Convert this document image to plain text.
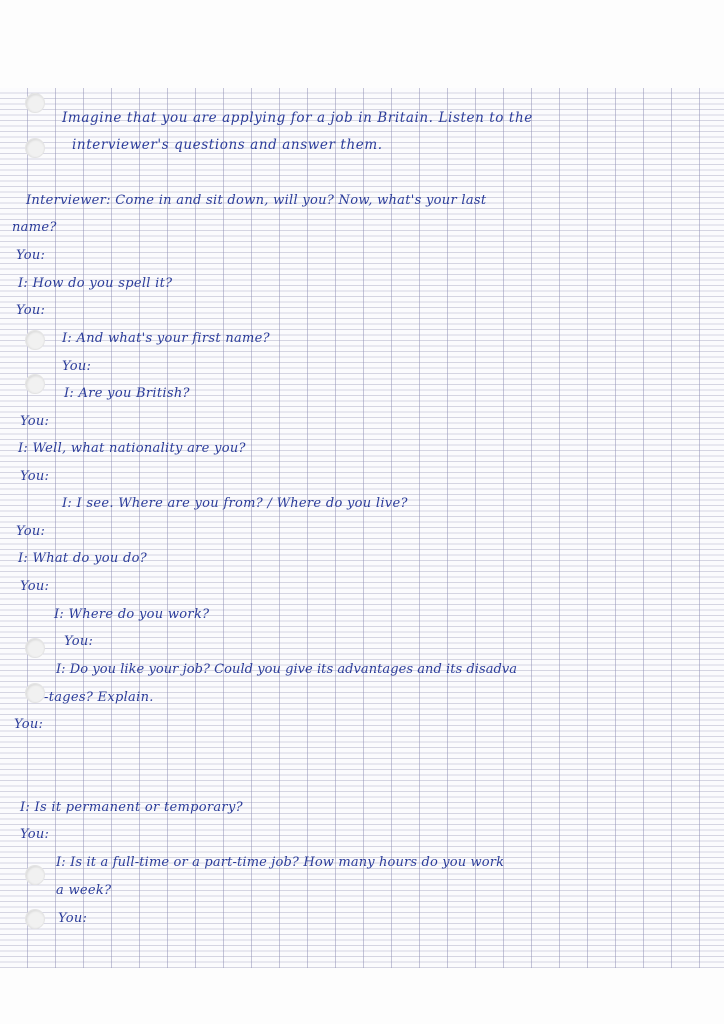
Imagine that you are applying for a job in Britain. Listen to the

interviewer's questions and answer them.

Interviewer: Come in and sit down, will you? Now, what's your last

name?

You:

I: How do you spell it?

You:

I: And what's your first name?

You:

I: Are you British?

You:

I: Well, what nationality are you?

You:

I: I see. Where are you from? / Where do you live?

You:

I: What do you do?

You:

I: Where do you work?

You:

I: Do you like your job? Could you give its advantages and its disadva

-tages? Explain.

You:

I: Is it permanent or temporary?

You:

I: Is it a full-time or a part-time job? How many hours do you work

a week?

You:
